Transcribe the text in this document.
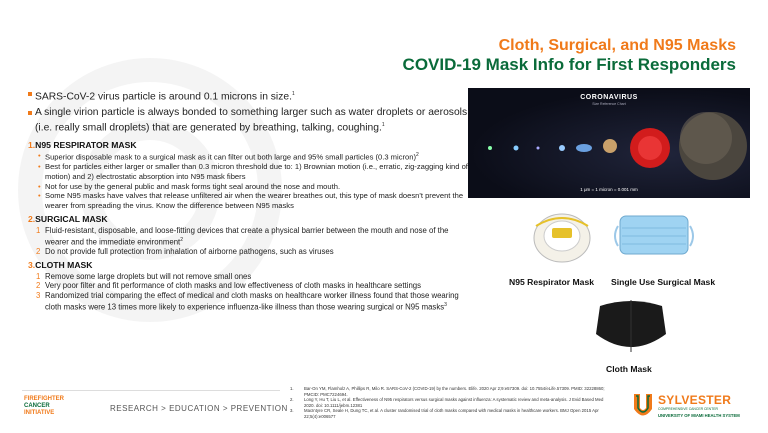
Cloth, Surgical, and N95 Masks
COVID-19 Mask Info for First Responders

SARS-CoV-2 virus particle is around 0.1 microns in size.$^1$

A single virion particle is always bonded to something larger such as water droplets or aerosols (i.e. really small droplets) that are generated by breathing, talking, coughing.$^1$

1.N95 RESPIRATOR MASK
• Superior disposable mask to a surgical mask as it can filter out both large and 95% small particles (0.3 micron)$^2$
• Best for particles either larger or smaller than 0.3 micron threshold due to: 1) Brownian motion (i.e., erratic, zig-zagging kind of motion) and 2) electrostatic absorption into N95 mask fibers
• Not for use by the general public and mask forms tight seal around the nose and mouth.
• Some N95 masks have valves that release unfiltered air when the wearer breathes out, this type of mask doesn't prevent the wearer from spreading the virus. Know the difference between N95 masks
2.SURGICAL MASK
1 Fluid-resistant, disposable, and loose-fitting devices that create a physical barrier between the mouth and nose of the wearer and the immediate environment$^2$
2 Do not provide full protection from inhalation of airborne pathogens, such as viruses
3.CLOTH MASK
1 Remove some large droplets but will not remove small ones
2 Very poor filter and fit performance of cloth masks and low effectiveness of cloth masks in healthcare settings
3 Randomized trial comparing the effect of medical and cloth masks on healthcare worker illness found that those wearing cloth masks were 13 times more likely to experience influenza-like illness than those wearing surgical or N95 masks$^3$
CORONAVIRUS
Size Reference Chart
1 μm = 1 micron = 0.001 mm
N95 Respirator Mask Single Use Surgical Mask
Cloth Mask
FIREFIGHTER
CANCER
INITIATIVE	RESEARCH > EDUCATION > PREVENTION
1.	Bar-On YM, Flamholz A, Phillips R, Milo R. SARS-CoV-2 (COVID-19) by the numbers. Elife. 2020 Apr 2;9:e57309. doi: 10.7554/eLife.57309. PMID: 32228860; PMCID: PMC7224694.
2.	Long Y, Hu T, Liu L, et al. Effectiveness of N95 respirators versus surgical masks against influenza: A systematic review and meta-analysis. J Evid Based Med 2020. doi: 10.1111/jebm.12381
3.	MacIntyre CR, Seale H, Dung TC, et al. A cluster randomised trial of cloth masks compared with medical masks in healthcare workers. BMJ Open 2015 Apr 22;5(4):e006577
SYLVESTER
COMPREHENSIVE CANCER CENTER
UNIVERSITY OF MIAMI HEALTH SYSTEM
